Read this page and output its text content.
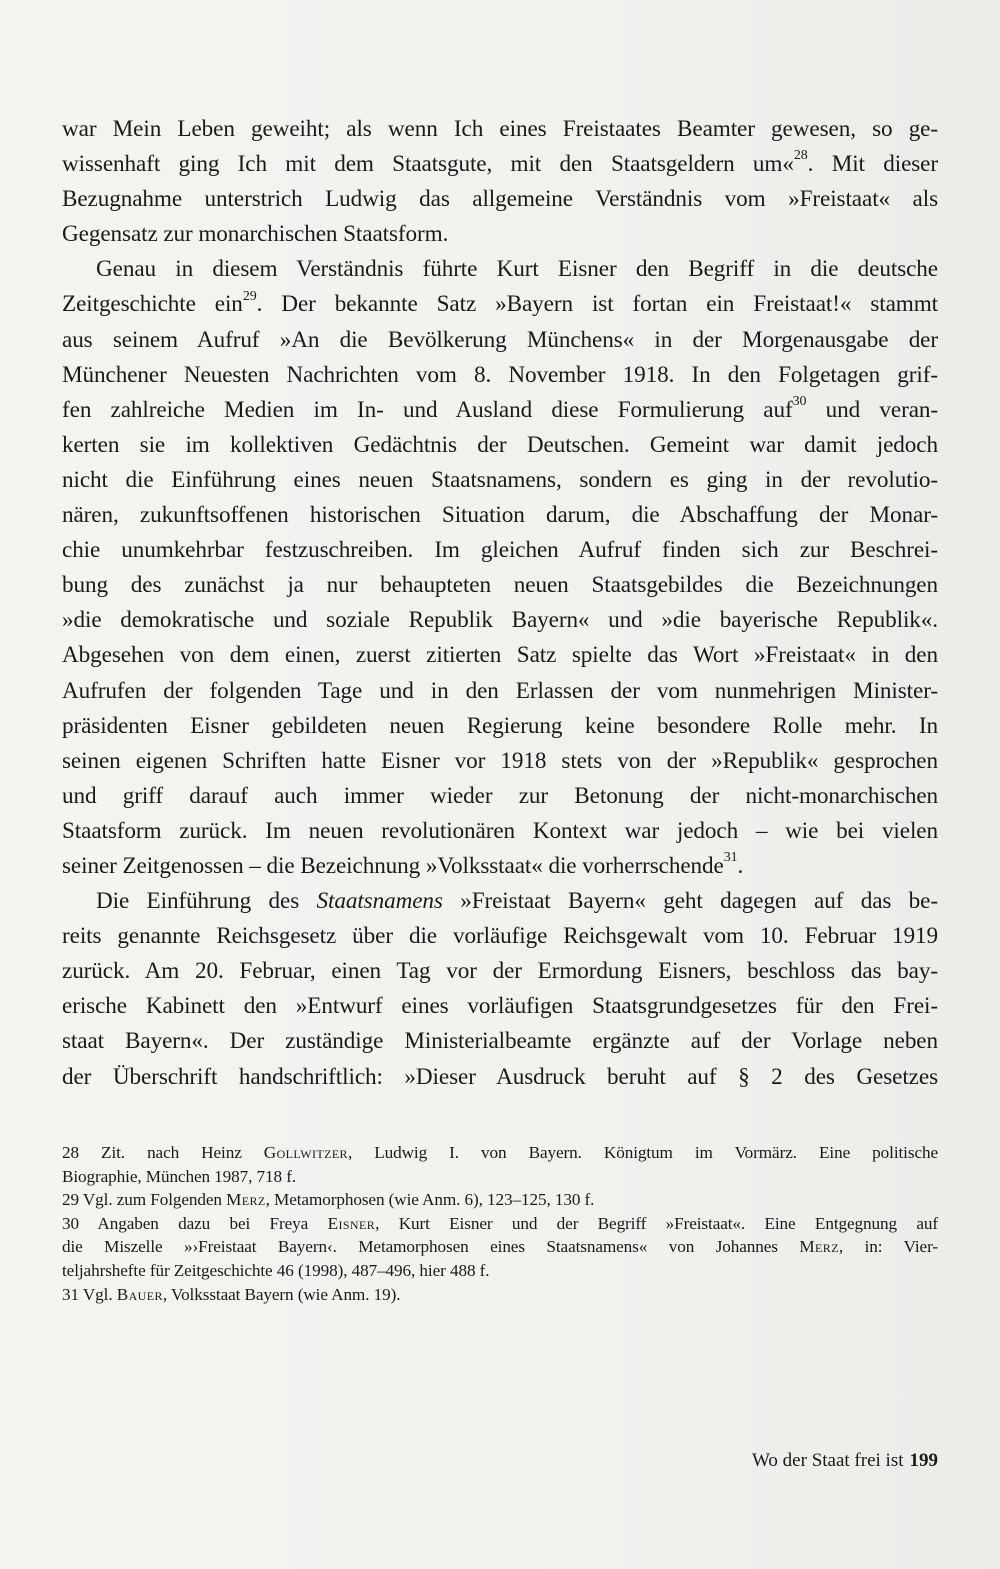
war Mein Leben geweiht; als wenn Ich eines Freistaates Beamter gewesen, so ge-
wissenhaft ging Ich mit dem Staatsgute, mit den Staatsgeldern um«$^{28}$. Mit dieser
Bezugnahme unterstrich Ludwig das allgemeine Verständnis vom »Freistaat« als
Gegensatz zur monarchischen Staatsform.
Genau in diesem Verständnis führte Kurt Eisner den Begriff in die deutsche
Zeitgeschichte ein$^{29}$. Der bekannte Satz »Bayern ist fortan ein Freistaat!« stammt
aus seinem Aufruf »An die Bevölkerung Münchens« in der Morgenausgabe der
Münchener Neuesten Nachrichten vom 8. November 1918. In den Folgetagen grif-
fen zahlreiche Medien im In- und Ausland diese Formulierung auf$^{30}$ und veran-
kerten sie im kollektiven Gedächtnis der Deutschen. Gemeint war damit jedoch
nicht die Einführung eines neuen Staatsnamens, sondern es ging in der revolutio-
nären, zukunftsoffenen historischen Situation darum, die Abschaffung der Monar-
chie unumkehrbar festzuschreiben. Im gleichen Aufruf finden sich zur Beschrei-
bung des zunächst ja nur behaupteten neuen Staatsgebildes die Bezeichnungen
»die demokratische und soziale Republik Bayern« und »die bayerische Republik«.
Abgesehen von dem einen, zuerst zitierten Satz spielte das Wort »Freistaat« in den
Aufrufen der folgenden Tage und in den Erlassen der vom nunmehrigen Minister-
präsidenten Eisner gebildeten neuen Regierung keine besondere Rolle mehr. In
seinen eigenen Schriften hatte Eisner vor 1918 stets von der »Republik« gesprochen
und griff darauf auch immer wieder zur Betonung der nicht-monarchischen
Staatsform zurück. Im neuen revolutionären Kontext war jedoch – wie bei vielen
seiner Zeitgenossen – die Bezeichnung »Volksstaat« die vorherrschende$^{31}$.
Die Einführung des Staatsnamens »Freistaat Bayern« geht dagegen auf das be-
reits genannte Reichsgesetz über die vorläufige Reichsgewalt vom 10. Februar 1919
zurück. Am 20. Februar, einen Tag vor der Ermordung Eisners, beschloss das bay-
erische Kabinett den »Entwurf eines vorläufigen Staatsgrundgesetzes für den Frei-
staat Bayern«. Der zuständige Ministerialbeamte ergänzte auf der Vorlage neben
der Überschrift handschriftlich: »Dieser Ausdruck beruht auf § 2 des Gesetzes
28 Zit. nach Heinz Gollwitzer, Ludwig I. von Bayern. Königtum im Vormärz. Eine politische
Biographie, München 1987, 718 f.
29 Vgl. zum Folgenden Merz, Metamorphosen (wie Anm. 6), 123–125, 130 f.
30 Angaben dazu bei Freya Eisner, Kurt Eisner und der Begriff »Freistaat«. Eine Entgegnung auf
die Miszelle »›Freistaat Bayern‹. Metamorphosen eines Staatsnamens« von Johannes Merz, in: Vier-
teljahrshefte für Zeitgeschichte 46 (1998), 487–496, hier 488 f.
31 Vgl. Bauer, Volksstaat Bayern (wie Anm. 19).
Wo der Staat frei ist 199
